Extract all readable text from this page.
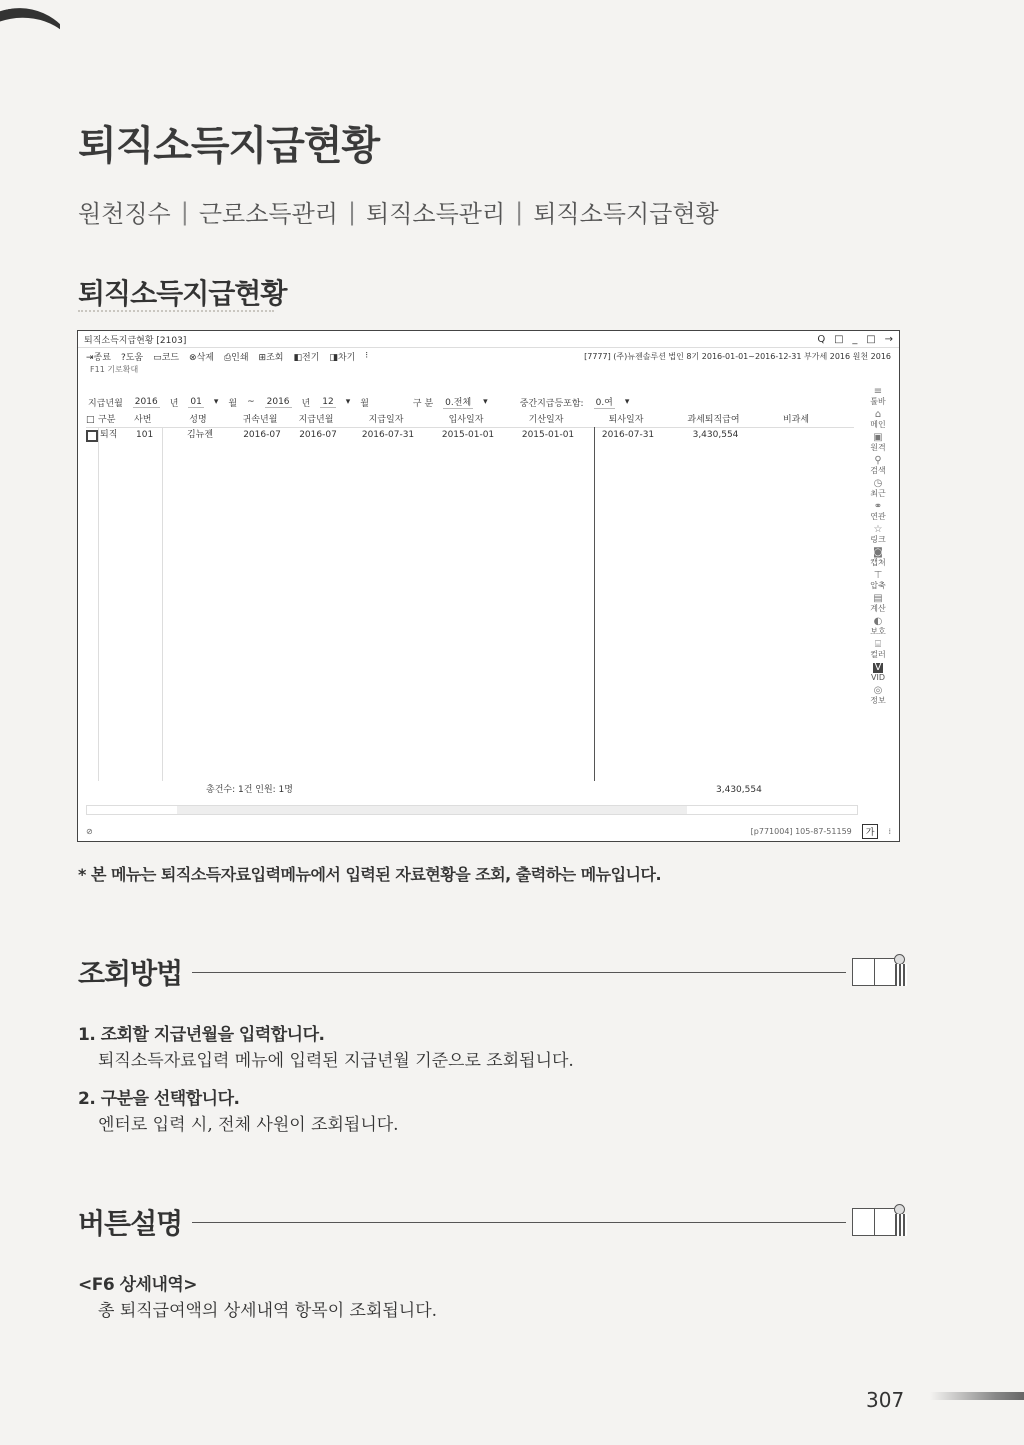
퇴직소득지급현황
원천징수 | 근로소득관리 | 퇴직소득관리 | 퇴직소득지급현황
퇴직소득지급현황
퇴직소득지급현황 [2103]	Q □ _ □ →
⇥종료 ?도움 ▭코드 ⊗삭제 ⎙인쇄 ⊞조회 ◧전기 ◨차기 ⁝	[7777] (주)뉴젠솔루션 법인 8기 2016-01-01~2016-12-31 부가세 2016 원천 2016
F11 기로확대
지급년월 2016 년 01 ▾ 월 ~ 2016 년 12 ▾ 월	구 분 0.전체 ▾	중간지급등포함: 0.여 ▾
□ 구분	사번	성명	귀속년월	지급년월	지급일자	입사일자	기산일자	퇴사일자	과세퇴직급여	비과세
퇴직	101	김뉴젠	2016-07	2016-07	2016-07-31	2015-01-01	2015-01-01	2016-07-31	3,430,554
총건수: 1건 인원: 1명	3,430,554
≡
툴바
⌂
메인
▣
원격
⚲
검색
◷
최근
⚭
연관
☆
링크
◙
캡쳐
⊤
압축
▤
계산
◐
보호
⌸
컬러
V
VID
◎
정보
⊘	[p771004] 105-87-51159	가	⁞
* 본 메뉴는 퇴직소득자료입력메뉴에서 입력된 자료현황을 조회, 출력하는 메뉴입니다.
조회방법
1. 조회할 지급년월을 입력합니다.
퇴직소득자료입력 메뉴에 입력된 지급년월 기준으로 조회됩니다.
2. 구분을 선택합니다.
엔터로 입력 시, 전체 사원이 조회됩니다.
버튼설명
<F6 상세내역>
총 퇴직급여액의 상세내역 항목이 조회됩니다.
307
